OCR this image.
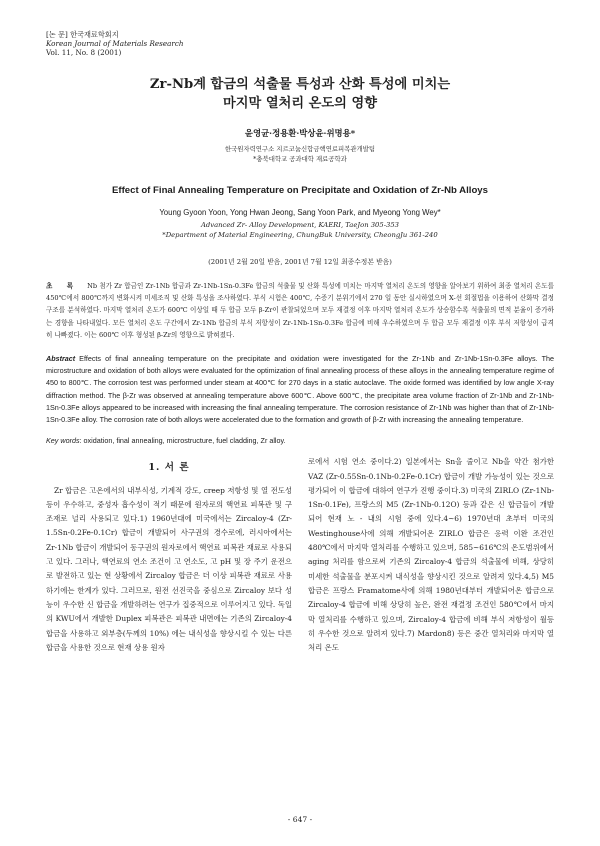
[논 문] 한국재료학회지
Korean Journal of Materials Research
Vol. 11, No. 8 (2001)
Zr-Nb계 합금의 석출물 특성과 산화 특성에 미치는
마지막 열처리 온도의 영향
윤영균·정용환·박상윤·위명용*
한국원자력연구소 지르코늄신합금핵연료피복관개발팀
*충북대학교 공과대학 재료공학과
Effect of Final Annealing Temperature on Precipitate and Oxidation of Zr-Nb Alloys
Young Gyoon Yoon, Yong Hwan Jeong, Sang Yoon Park, and Myeong Yong Wey*
Advanced Zr- Alloy Development, KAERI, TaeJon 305-353
*Department of Material Engineering, ChungBuk University, CheongJu 361-240
(2001년 2월 20일 받음, 2001년 7월 12일 최종수정본 받음)
초 록 Nb 첨가 Zr 합금인 Zr-1Nb 합금과 Zr-1Nb-1Sn-0.3Fe 합금의 석출물 및 산화 특성에 미치는 마지막 열처리 온도의 영향을 알아보기 위하여 최종 열처리 온도를 450℃에서 800℃까지 변화시켜 미세조직 및 산화 특성을 조사하였다. 부식 시험은 400℃, 수증기 분위기에서 270 일 동안 실시하였으며 X-선 회절법을 이용하여 산화막 결정 구조를 분석하였다. 마지막 열처리 온도가 600℃ 이상일 때 두 합금 모두 β-Zr이 관찰되었으며 모두 재결정 이후 마지막 열처리 온도가 상승함수록 석출물의 면적 분율이 증가하는 경향을 나타내었다. 모든 열처리 온도 구간에서 Zr-1Nb 합금의 부식 저항성이 Zr-1Nb-1Sn-0.3Fe 합금에 비해 우수하였으며 두 합금 모두 재결정 이후 부식 저항성이 급격히 나빠졌다. 이는 600℃ 이후 형성된 β-Zr의 영향으로 밝혀졌다.
Abstract Effects of final annealing temperature on the precipitate and oxidation were investigated for the Zr-1Nb and Zr-1Nb-1Sn-0.3Fe alloys. The microstructure and oxidation of both alloys were evaluated for the optimization of final annealing process of these alloys in the annealing temperature regime of 450 to 800℃. The corrosion test was performed under steam at 400℃ for 270 days in a static autoclave. The oxide formed was identified by low angle X-ray diffraction method. The β-Zr was observed at annealing temperature above 600℃. Above 600℃, the precipitate area volume fraction of Zr-1Nb and Zr-1Nb-1Sn-0.3Fe alloys appeared to be increased with increasing the final annealing temperature. The corrosion resistance of Zr-1Nb was higher than that of Zr-1Nb-1Sn-0.3Fe alloy. The corrosion rate of both alloys were accelerated due to the formation and growth of β-Zr with increasing the annealing temperature.
Key words: oxidation, final annealing, microstructure, fuel cladding, Zr alloy.
1. 서 론

Zr 합금은 고온에서의 내부식성, 기계적 강도, creep 저항성 및 열 전도성 등이 우수하고, 중성자 흡수성이 적기 때문에 원자로의 핵연료 피복관 및 구조재로 널리 사용되고 있다.1) 1960년대에 미국에서는 Zircaloy-4 (Zr-1.5Sn-0.2Fe-0.1Cr) 합금이 개발되어 사구권의 경수로에, 러시아에서는 Zr-1Nb 합금이 개발되어 동구권의 원자로에서 핵연료 피복관 재료로 사용되고 있다. 그러나, 핵연료의 연소 조건이 고 연소도, 고 pH 및 장 주기 운전으로 발전하고 있는 현 상황에서 Zircaloy 합금은 더 이상 피복관 재료로 사용하기에는 한계가 있다. 그러므로, 원전 선진국을 중심으로 Zircaloy 보다 성능이 우수한 신 합금을 개발하려는 연구가 집중적으로 이루어지고 있다. 독일의 KWU에서 개발한 Duplex 피복관은 피복관 내면에는 기존의 Zircaloy-4 합금을 사용하고 외부층(두께의 10%) 에는 내식성을 향상시킬 수 있는 다른 합금을 사용한 것으로 현재 상용 원자

로에서 시험 연소 중이다.2) 일본에서는 Sn을 줄이고 Nb을 약간 첨가한 VAZ (Zr-0.55Sn-0.1Nb-0.2Fe-0.1Cr) 합금이 개발 가능성이 있는 것으로 평가되어 이 합금에 대하여 연구가 진행 중이다.3) 미국의 ZIRLO (Zr-1Nb-1Sn-0.1Fe), 프랑스의 M5 (Zr-1Nb-0.12O) 등과 같은 신 합금들이 개발되어 현재 노 - 내의 시험 중에 있다.4~6) 1970년대 초부터 미국의 Westinghouse사에 의해 개발되어온 ZIRLO 합금은 응력 이완 조건인 480℃에서 마지막 열처리를 수행하고 있으며, 585~616℃의 온도범위에서 aging 처리를 함으로써 기존의 Zircaloy-4 합금의 석출물에 비해, 상당히 미세한 석출물을 분포시켜 내식성을 향상시킨 것으로 알려져 있다.4,5) M5 합금은 프랑스 Framatome사에 의해 1980년대부터 개발되어온 합금으로 Zircaloy-4 합금에 비해 상당히 높은, 완전 재결정 조건인 580℃에서 마지막 열처리를 수행하고 있으며, Zircaloy-4 합금에 비해 부식 저항성이 월등히 우수한 것으로 알려져 있다.7) Mardon8) 등은 중간 열처리와 마지막 열처리 온도

- 647 -
